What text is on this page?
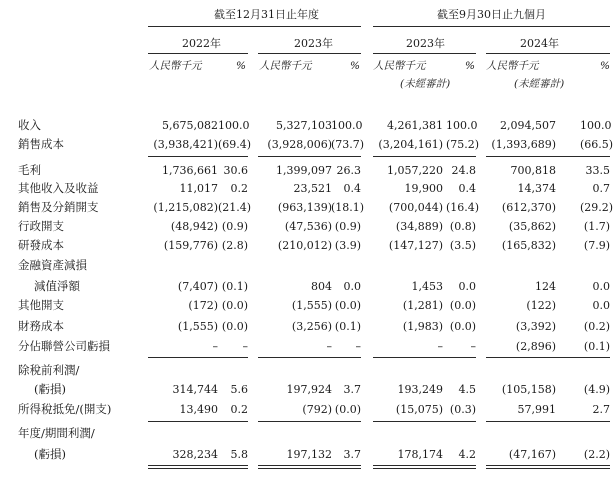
截至12月31日止年度	截至9月30日止九個月
2022年	2023年	2023年	2024年
人民幣千元	% 人民幣千元	% 人民幣千元	% 人民幣千元	%
(未經審計)	(未經審計)
收入	5,675,082 100.0	5,327,103 100.0	4,261,381 100.0	2,094,507 100.0
銷售成本	(3,938,421) (69.4)	(3,928,006) (73.7)	(3,204,161) (75.2)	(1,393,689) (66.5)
毛利	1,736,661 30.6	1,399,097 26.3	1,057,220 24.8	700,818	33.5
其他收入及收益	11,017	0.2	23,521	0.4	19,900	0.4	14,374	0.7
銷售及分銷開支	(1,215,082) (21.4)	(963,139) (18.1)	(700,044) (16.4)	(612,370) (29.2)
行政開支	(48,942) (0.9)	(47,536) (0.9)	(34,889) (0.8)	(35,862)	(1.7)
研發成本	(159,776) (2.8)	(210,012) (3.9)	(147,127) (3.5)	(165,832)	(7.9)
金融資產減損
減值淨額	(7,407) (0.1)	804	0.0	1,453	0.0	124	0.0
其他開支	(172) (0.0)	(1,555) (0.0)	(1,281) (0.0)	(122)	0.0
財務成本	(1,555) (0.0)	(3,256) (0.1)	(1,983) (0.0)	(3,392)	(0.2)
分佔聯營公司虧損	–	–	–	–	–	–	(2,896)	(0.1)
除稅前利潤/
(虧損)	314,744	5.6	197,924	3.7	193,249	4.5	(105,158)	(4.9)
所得稅抵免/(開支)	13,490	0.2	(792) (0.0)	(15,075) (0.3)	57,991	2.7
年度/期間利潤/
(虧損)	328,234	5.8	197,132	3.7	178,174	4.2	(47,167)	(2.2)
